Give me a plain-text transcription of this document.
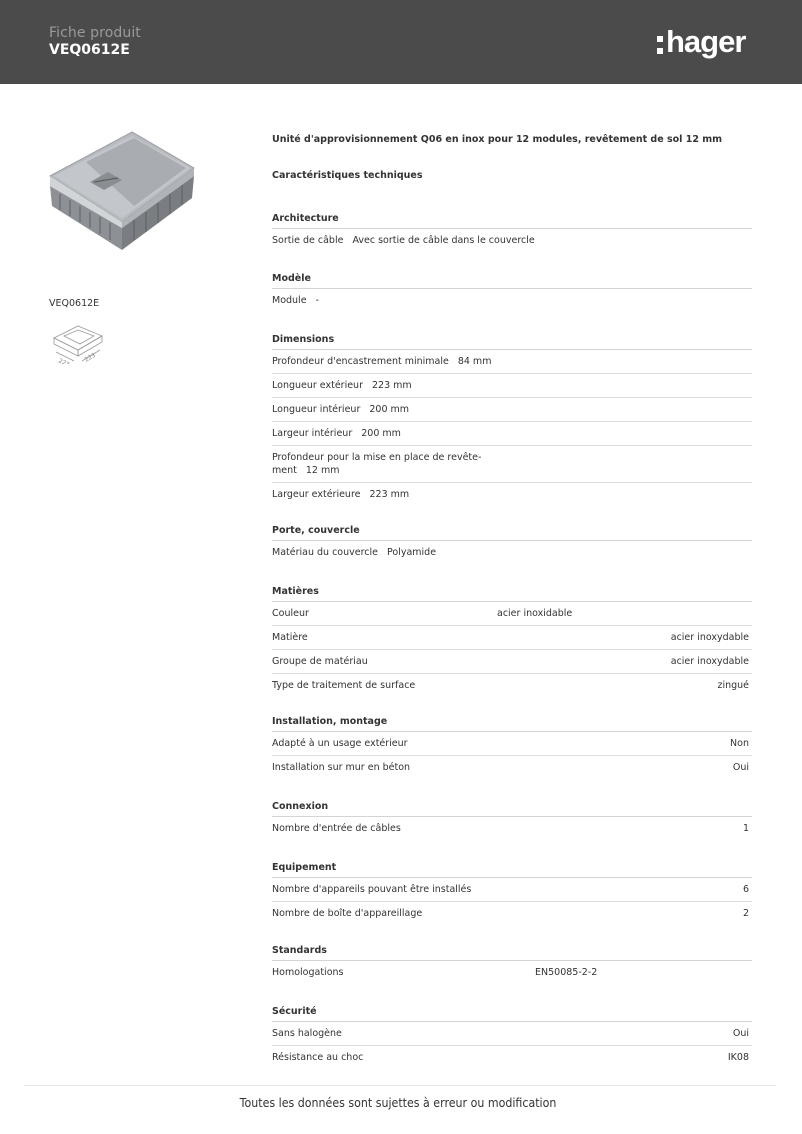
Fiche produit
VEQ0612E	hager
VEQ0612E
223 223
Unité d'approvisionnement Q06 en inox pour 12 modules, revêtement de sol 12 mm
Caractéristiques techniques
Architecture
Sortie de câble Avec sortie de câble dans le couvercle
Modèle
Module -
Dimensions
Profondeur d'encastrement minimale 84 mm
Longueur extérieur 223 mm
Longueur intérieur 200 mm
Largeur intérieur 200 mm
Profondeur pour la mise en place de revête-
ment 12 mm
Largeur extérieure 223 mm
Porte, couvercle
Matériau du couvercle Polyamide
Matières
Couleur	acier inoxidable
Matière	acier inoxydable
Groupe de matériau	acier inoxydable
Type de traitement de surface	zingué
Installation, montage
Adapté à un usage extérieur	Non
Installation sur mur en béton	Oui
Connexion
Nombre d'entrée de câbles	1
Equipement
Nombre d'appareils pouvant être installés	6
Nombre de boîte d'appareillage	2
Standards
Homologations	EN50085-2-2
Sécurité
Sans halogène	Oui
Résistance au choc	IK08
Toutes les données sont sujettes à erreur ou modification
